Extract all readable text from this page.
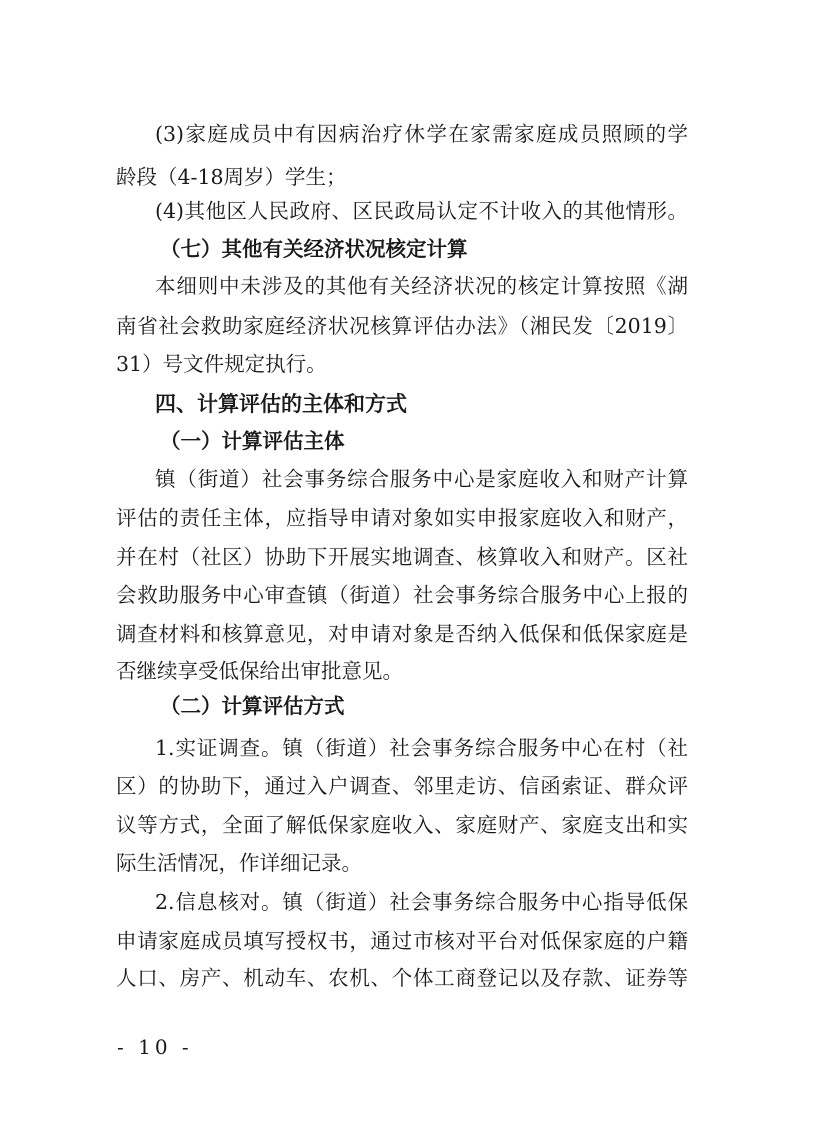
(3)家庭成员中有因病治疗休学在家需家庭成员照顾的学
龄段（4-18周岁）学生；
(4)其他区人民政府、区民政局认定不计收入的其他情形。
（七）其他有关经济状况核定计算
本细则中未涉及的其他有关经济状况的核定计算按照《湖
南省社会救助家庭经济状况核算评估办法》（湘民发〔2019〕
31）号文件规定执行。
四、计算评估的主体和方式
（一）计算评估主体
镇（街道）社会事务综合服务中心是家庭收入和财产计算
评估的责任主体，应指导申请对象如实申报家庭收入和财产，
并在村（社区）协助下开展实地调查、核算收入和财产。区社
会救助服务中心审查镇（街道）社会事务综合服务中心上报的
调查材料和核算意见，对申请对象是否纳入低保和低保家庭是
否继续享受低保给出审批意见。
（二）计算评估方式
1.实证调查。镇（街道）社会事务综合服务中心在村（社
区）的协助下，通过入户调查、邻里走访、信函索证、群众评
议等方式，全面了解低保家庭收入、家庭财产、家庭支出和实
际生活情况，作详细记录。
2.信息核对。镇（街道）社会事务综合服务中心指导低保
申请家庭成员填写授权书，通过市核对平台对低保家庭的户籍
人口、房产、机动车、农机、个体工商登记以及存款、证券等
- 10 -
